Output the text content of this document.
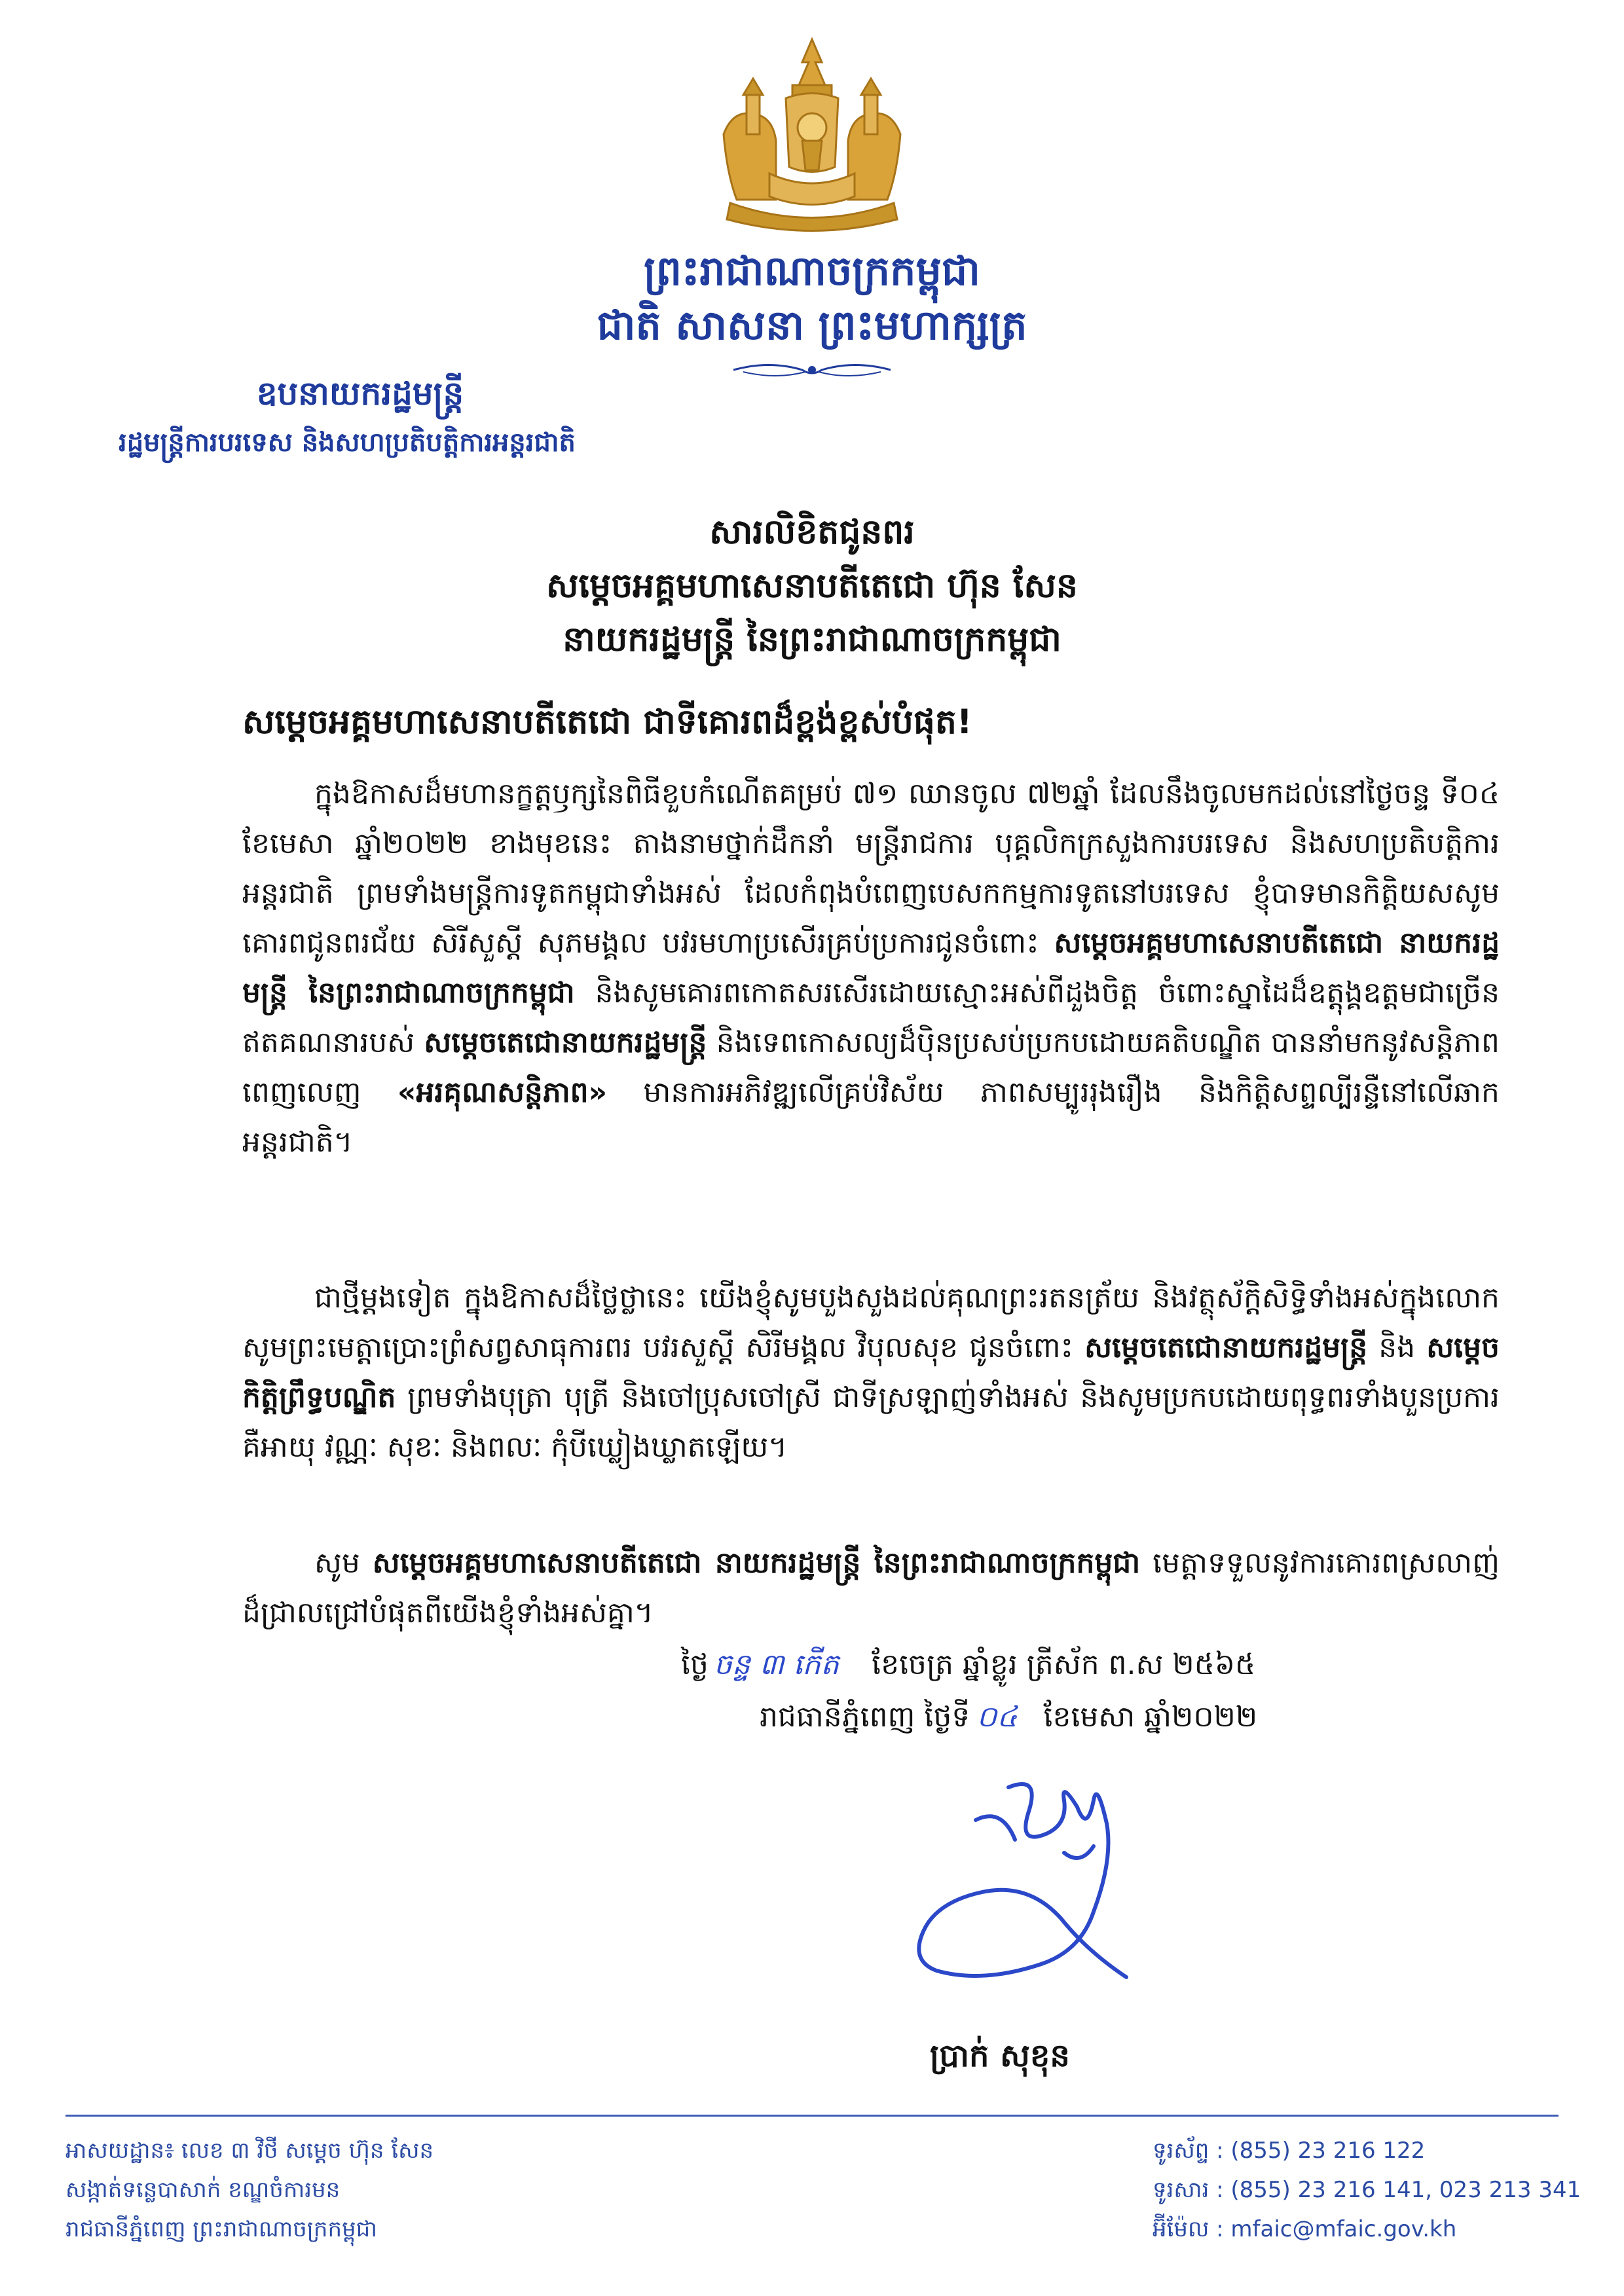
ព្រះរាជាណាចក្រកម្ពុជា
ជាតិ សាសនា ព្រះមហាក្សត្រ
ឧបនាយករដ្ឋមន្ត្រី
រដ្ឋមន្ត្រីការបរទេស និងសហប្រតិបត្តិការអន្តរជាតិ
សារលិខិតជូនពរ
សម្តេចអគ្គមហាសេនាបតីតេជោ ហ៊ុន សែន
នាយករដ្ឋមន្ត្រី នៃព្រះរាជាណាចក្រកម្ពុជា
សម្តេចអគ្គមហាសេនាបតីតេជោ ជាទីគោរពដ៏ខ្ពង់ខ្ពស់បំផុត!

ក្នុងឱកាសដ៏មហានក្ខត្តឫក្សនៃពិធីខួបកំណើតគម្រប់ ៧១ ឈានចូល ៧២ឆ្នាំ ដែលនឹងចូលមកដល់នៅថ្ងៃចន្ទ ទី០៤ ខែមេសា ឆ្នាំ២០២២ ខាងមុខនេះ តាងនាមថ្នាក់ដឹកនាំ មន្ត្រីរាជការ បុគ្គលិកក្រសួងការបរទេស និងសហប្រតិបត្តិការអន្តរជាតិ ព្រមទាំងមន្ត្រីការទូតកម្ពុជាទាំងអស់ ដែលកំពុងបំពេញបេសកកម្មការទូតនៅបរទេស ខ្ញុំបាទមានកិត្តិយសសូមគោរពជូនពរជ័យ សិរីសួស្តី សុភមង្គល បវរមហាប្រសើរគ្រប់ប្រការជូនចំពោះ សម្តេចអគ្គមហាសេនាបតីតេជោ នាយករដ្ឋមន្ត្រី នៃព្រះរាជាណាចក្រកម្ពុជា និងសូមគោរពកោតសរសើរដោយស្មោះអស់ពីដួងចិត្ត ចំពោះស្នាដៃដ៏ឧត្តុង្គឧត្តមជាច្រើនឥតគណនារបស់ សម្តេចតេជោនាយករដ្ឋមន្ត្រី និងទេពកោសល្យដ៏ប៉ិនប្រសប់ប្រកបដោយគតិបណ្ឌិត បាននាំមកនូវសន្តិភាពពេញលេញ «អរគុណសន្តិភាព» មានការអភិវឌ្ឍលើគ្រប់វិស័យ ភាពសម្បូររុងរឿង និងកិត្តិសព្ទល្បីរន្ទឺនៅលើឆាកអន្តរជាតិ។

ជាថ្មីម្តងទៀត ក្នុងឱកាសដ៏ថ្លៃថ្លានេះ យើងខ្ញុំសូមបួងសួងដល់គុណព្រះរតនត្រ័យ និងវត្ថុស័ក្តិសិទ្ធិទាំងអស់ក្នុងលោក សូមព្រះមេត្តាប្រោះព្រំសព្វសាធុការពរ បវរសួស្តី សិរីមង្គល វិបុលសុខ ជូនចំពោះ សម្តេចតេជោនាយករដ្ឋមន្ត្រី និង សម្តេចកិត្តិព្រឹទ្ធបណ្ឌិត ព្រមទាំងបុត្រា បុត្រី និងចៅប្រុសចៅស្រី ជាទីស្រឡាញ់ទាំងអស់ និងសូមប្រកបដោយពុទ្ធពរទាំងបួនប្រការ គឺអាយុ វណ្ណៈ សុខៈ និងពលៈ កុំបីឃ្លៀងឃ្លាតឡើយ។

សូម សម្តេចអគ្គមហាសេនាបតីតេជោ នាយករដ្ឋមន្ត្រី នៃព្រះរាជាណាចក្រកម្ពុជា មេត្តាទទួលនូវការគោរពស្រលាញ់ដ៏ជ្រាលជ្រៅបំផុតពីយើងខ្ញុំទាំងអស់គ្នា។

ថ្ងៃ ចន្ទ ៣ កើត ខែចេត្រ ឆ្នាំខ្លូរ ត្រីស័ក ព.ស ២៥៦៥
រាជធានីភ្នំពេញ ថ្ងៃទី ០៤ ខែមេសា ឆ្នាំ២០២២
ប្រាក់ សុខុន
អាសយដ្ឋាន៖ លេខ ៣ វិថី សម្តេច ហ៊ុន សែន
សង្កាត់ទន្លេបាសាក់ ខណ្ឌចំការមន
រាជធានីភ្នំពេញ ព្រះរាជាណាចក្រកម្ពុជា
ទូរស័ព្ទ : (855) 23 216 122
ទូរសារ : (855) 23 216 141, 023 213 341
អ៊ីម៉ែល : mfaic@mfaic.gov.kh
